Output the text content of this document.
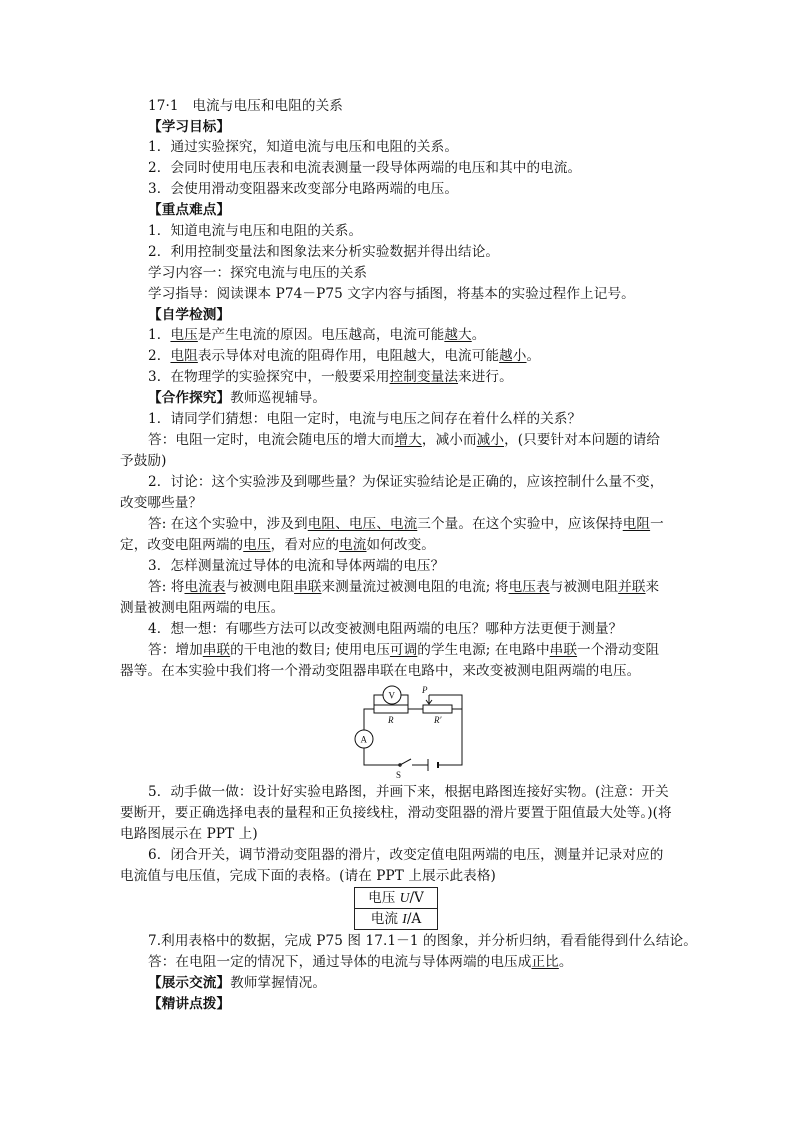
17·1　电流与电压和电阻的关系
【学习目标】
1．通过实验探究，知道电流与电压和电阻的关系。
2．会同时使用电压表和电流表测量一段导体两端的电压和其中的电流。
3．会使用滑动变阻器来改变部分电路两端的电压。
【重点难点】
1．知道电流与电压和电阻的关系。
2．利用控制变量法和图象法来分析实验数据并得出结论。
学习内容一：探究电流与电压的关系
学习指导：阅读课本 P74－P75 文字内容与插图，将基本的实验过程作上记号。
【自学检测】
1．电压是产生电流的原因。电压越高，电流可能越大。
2．电阻表示导体对电流的阻碍作用，电阻越大，电流可能越小。
3．在物理学的实验探究中，一般要采用控制变量法来进行。
【合作探究】教师巡视辅导。
1．请同学们猜想：电阻一定时，电流与电压之间存在着什么样的关系？
答：电阻一定时，电流会随电压的增大而增大，减小而减小，(只要针对本问题的请给
予鼓励)
2．讨论：这个实验涉及到哪些量？为保证实验结论是正确的，应该控制什么量不变，
改变哪些量？
答: 在这个实验中，涉及到电阻、电压、电流三个量。在这个实验中，应该保持电阻一
定，改变电阻两端的电压，看对应的电流如何改变。
3．怎样测量流过导体的电流和导体两端的电压？
答: 将电流表与被测电阻串联来测量流过被测电阻的电流; 将电压表与被测电阻并联来
测量被测电阻两端的电压。
4．想一想：有哪些方法可以改变被测电阻两端的电压？哪种方法更便于测量？
答：增加串联的干电池的数目; 使用电压可调的学生电源; 在电路中串联一个滑动变阻
器等。在本实验中我们将一个滑动变阻器串联在电路中，来改变被测电阻两端的电压。
V
A
R	R′
P
S
5．动手做一做：设计好实验电路图，并画下来，根据电路图连接好实物。(注意：开关
要断开，要正确选择电表的量程和正负接线柱，滑动变阻器的滑片要置于阻值最大处等。)(将
电路图展示在 PPT 上)
6．闭合开关，调节滑动变阻器的滑片，改变定值电阻两端的电压，测量并记录对应的
电流值与电压值，完成下面的表格。(请在 PPT 上展示此表格)
电压 U/V
电流 I/A
7.利用表格中的数据，完成 P75 图 17.1－1 的图象，并分析归纳，看看能得到什么结论。
答：在电阻一定的情况下，通过导体的电流与导体两端的电压成正比。
【展示交流】教师掌握情况。
【精讲点拨】
